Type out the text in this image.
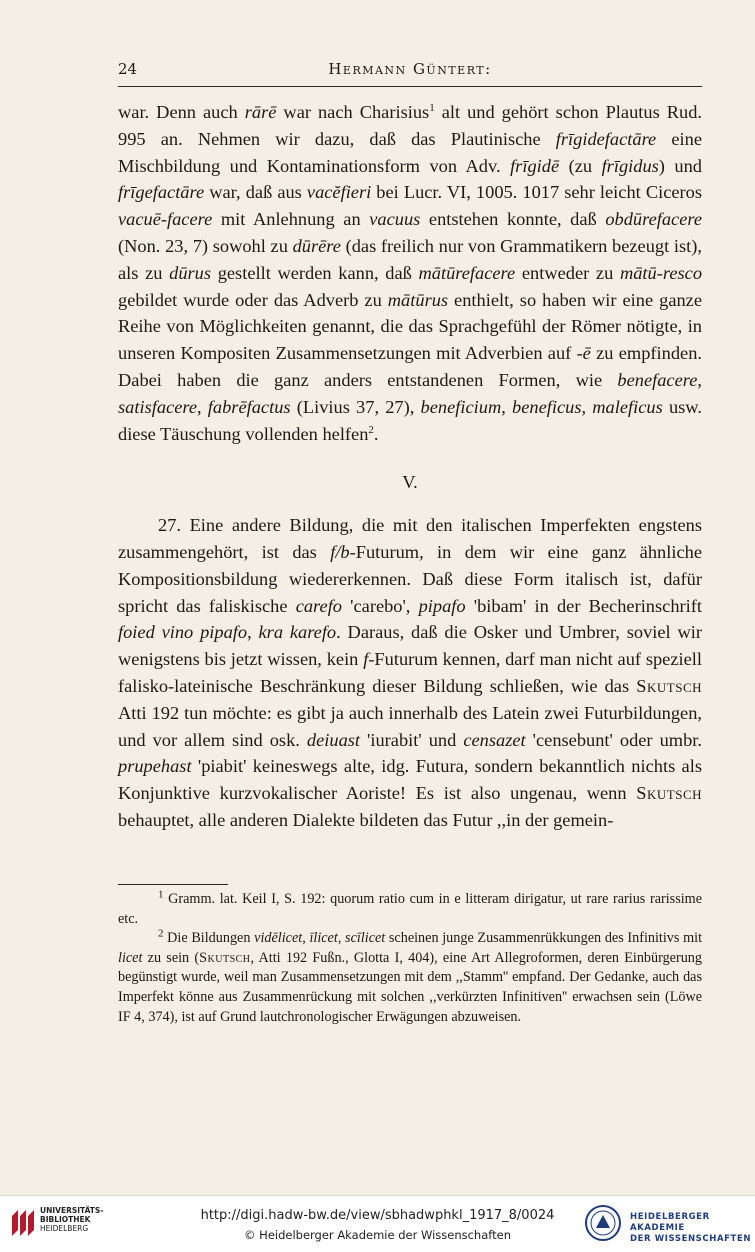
24	Hermann Güntert:

war. Denn auch rārē war nach Charisius$^1$ alt und gehört schon Plautus Rud. 995 an. Nehmen wir dazu, daß das Plautinische frīgidefactāre eine Mischbildung und Kontaminationsform von Adv. frīgidē (zu frīgidus) und frīgefactāre war, daß aus vacĕfieri bei Lucr. VI, 1005. 1017 sehr leicht Ciceros vacuē-facere mit Anlehnung an vacuus entstehen konnte, daß obdūrefacere (Non. 23, 7) sowohl zu dūrēre (das freilich nur von Grammatikern bezeugt ist), als zu dūrus gestellt werden kann, daß mātūrefacere entweder zu mātū-resco gebildet wurde oder das Adverb zu mātūrus enthielt, so haben wir eine ganze Reihe von Möglichkeiten genannt, die das Sprachgefühl der Römer nötigte, in unseren Kompositen Zusammensetzungen mit Adverbien auf -ē zu empfinden. Dabei haben die ganz anders entstandenen Formen, wie benefacere, satisfacere, fabrēfactus (Livius 37, 27), beneficium, beneficus, maleficus usw. diese Täuschung vollenden helfen$^2$.

V.

27. Eine andere Bildung, die mit den italischen Imperfekten engstens zusammengehört, ist das f/b-Futurum, in dem wir eine ganz ähnliche Kompositionsbildung wiedererkennen. Daß diese Form italisch ist, dafür spricht das faliskische carefo 'carebo', pipafo 'bibam' in der Becherinschrift foied vino pipafo, kra karefo. Daraus, daß die Osker und Umbrer, soviel wir wenigstens bis jetzt wissen, kein f-Futurum kennen, darf man nicht auf speziell falisko-lateinische Beschränkung dieser Bildung schließen, wie das Skutsch Atti 192 tun möchte: es gibt ja auch innerhalb des Latein zwei Futurbildungen, und vor allem sind osk. deiuast 'iurabit' und censazet 'censebunt' oder umbr. prupehast 'piabit' keineswegs alte, idg. Futura, sondern bekanntlich nichts als Konjunktive kurzvokalischer Aoriste! Es ist also ungenau, wenn Skutsch behauptet, alle anderen Dialekte bildeten das Futur ,,in der gemein-

$^1$ Gramm. lat. Keil I, S. 192: quorum ratio cum in e litteram dirigatur, ut rare rarius rarissime etc.

$^2$ Die Bildungen vidēlicet, īlicet, scīlicet scheinen junge Zusammenrükkungen des Infinitivs mit licet zu sein (Skutsch, Atti 192 Fußn., Glotta I, 404), eine Art Allegroformen, deren Einbürgerung begünstigt wurde, weil man Zusammensetzungen mit dem ,,Stamm'' empfand. Der Gedanke, auch das Imperfekt könne aus Zusammenrückung mit solchen ,,verkürzten Infinitiven'' erwachsen sein (Löwe IF 4, 374), ist auf Grund lautchronologischer Erwägungen abzuweisen.

UNIVERSITÄTS-
BIBLIOTHEK
HEIDELBERG
http://digi.hadw-bw.de/view/sbhadwphkl_1917_8/0024
© Heidelberger Akademie der Wissenschaften
HEIDELBERGER AKADEMIE
DER WISSENSCHAFTEN
